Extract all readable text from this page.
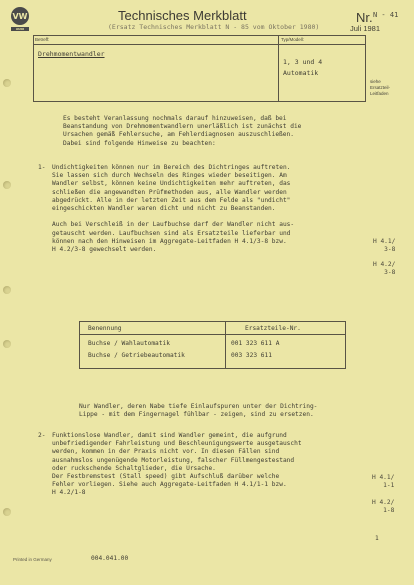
VW
AUDI
Technisches Merkblatt
(Ersatz Technisches Merkblatt N - 85 vom Oktober 1980)
Nr. N - 41
Juli 1981
Betreff:	Typ/Modell:
Drehmomentwandler
1, 3 und 4
Automatik
siehe
Ersatzteil-
Leitfaden
Es besteht Veranlassung nochmals darauf hinzuweisen, daß bei
Beanstandung von Drehmomentwandlern unerläßlich ist zunächst die
Ursachen gemäß Fehlersuche, am Fehlerdiagnosen auszuschließen.
Dabei sind folgende Hinweise zu beachten:
1- Undichtigkeiten können nur im Bereich des Dichtringes auftreten.
Sie lassen sich durch Wechseln des Ringes wieder beseitigen. Am
Wandler selbst, können keine Undichtigkeiten mehr auftreten, das
schließen die angewandten Prüfmethoden aus, alle Wandler werden
abgedrückt. Alle in der letzten Zeit aus dem Felde als "undicht"
eingeschickten Wandler waren dicht und nicht zu Beanstanden.

Auch bei Verschleiß in der Laufbuchse darf der Wandler nicht aus-
getauscht werden. Laufbuchsen sind als Ersatzteile lieferbar und
können nach den Hinweisen im Aggregate-Leitfaden H 4.1/3-8 bzw.
H 4.2/3-8 gewechselt werden.
H 4.1/
3-8
H 4.2/
3-8
Benennung	Ersatzteile-Nr.
Buchse / Wahlautomatik	001 323 611 A
Buchse / Getriebeautomatik	003 323 611
Nur Wandler, deren Nabe tiefe Einlaufspuren unter der Dichtring-
Lippe - mit dem Fingernagel fühlbar - zeigen, sind zu ersetzen.
2- Funktionslose Wandler, damit sind Wandler gemeint, die aufgrund
unbefriedigender Fahrleistung und Beschleunigungswerte ausgetauscht
werden, kommen in der Praxis nicht vor. In diesen Fällen sind
ausnahmslos ungenügende Motorleistung, falscher Füllmengestestand
oder ruckschende Schaltglieder, die Ursache.
Der Festbremstest (Stall speed) gibt Aufschluß darüber welche
Fehler vorliegen. Siehe auch Aggregate-Leitfaden H 4.1/1-1 bzw.
H 4.2/1-8
H 4.1/
1-1
H 4.2/
1-8
1
Printed in Germany	004.041.00
